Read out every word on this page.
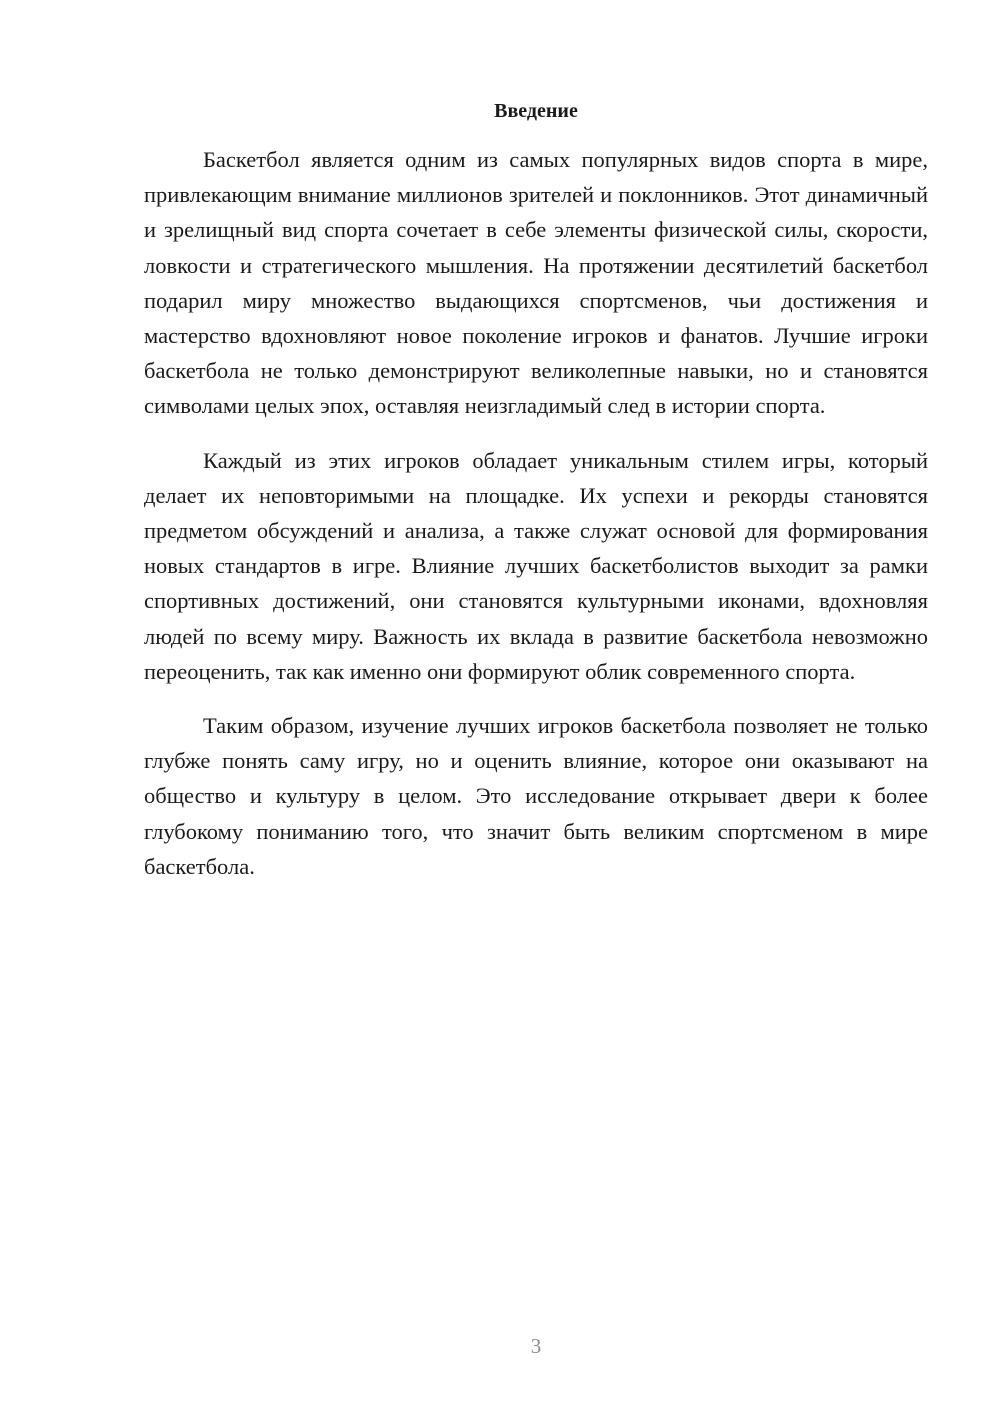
Введение

Баскетбол является одним из самых популярных видов спорта в мире, привлекающим внимание миллионов зрителей и поклонников. Этот динамичный и зрелищный вид спорта сочетает в себе элементы физической силы, скорости, ловкости и стратегического мышления. На протяжении десятилетий баскетбол подарил миру множество выдающихся спортсменов, чьи достижения и мастерство вдохновляют новое поколение игроков и фанатов. Лучшие игроки баскетбола не только демонстрируют великолепные навыки, но и становятся символами целых эпох, оставляя неизгладимый след в истории спорта.

Каждый из этих игроков обладает уникальным стилем игры, который делает их неповторимыми на площадке. Их успехи и рекорды становятся предметом обсуждений и анализа, а также служат основой для формирования новых стандартов в игре. Влияние лучших баскетболистов выходит за рамки спортивных достижений, они становятся культурными иконами, вдохновляя людей по всему миру. Важность их вклада в развитие баскетбола невозможно переоценить, так как именно они формируют облик современного спорта.

Таким образом, изучение лучших игроков баскетбола позволяет не только глубже понять саму игру, но и оценить влияние, которое они оказывают на общество и культуру в целом. Это исследование открывает двери к более глубокому пониманию того, что значит быть великим спортсменом в мире баскетбола.

3
